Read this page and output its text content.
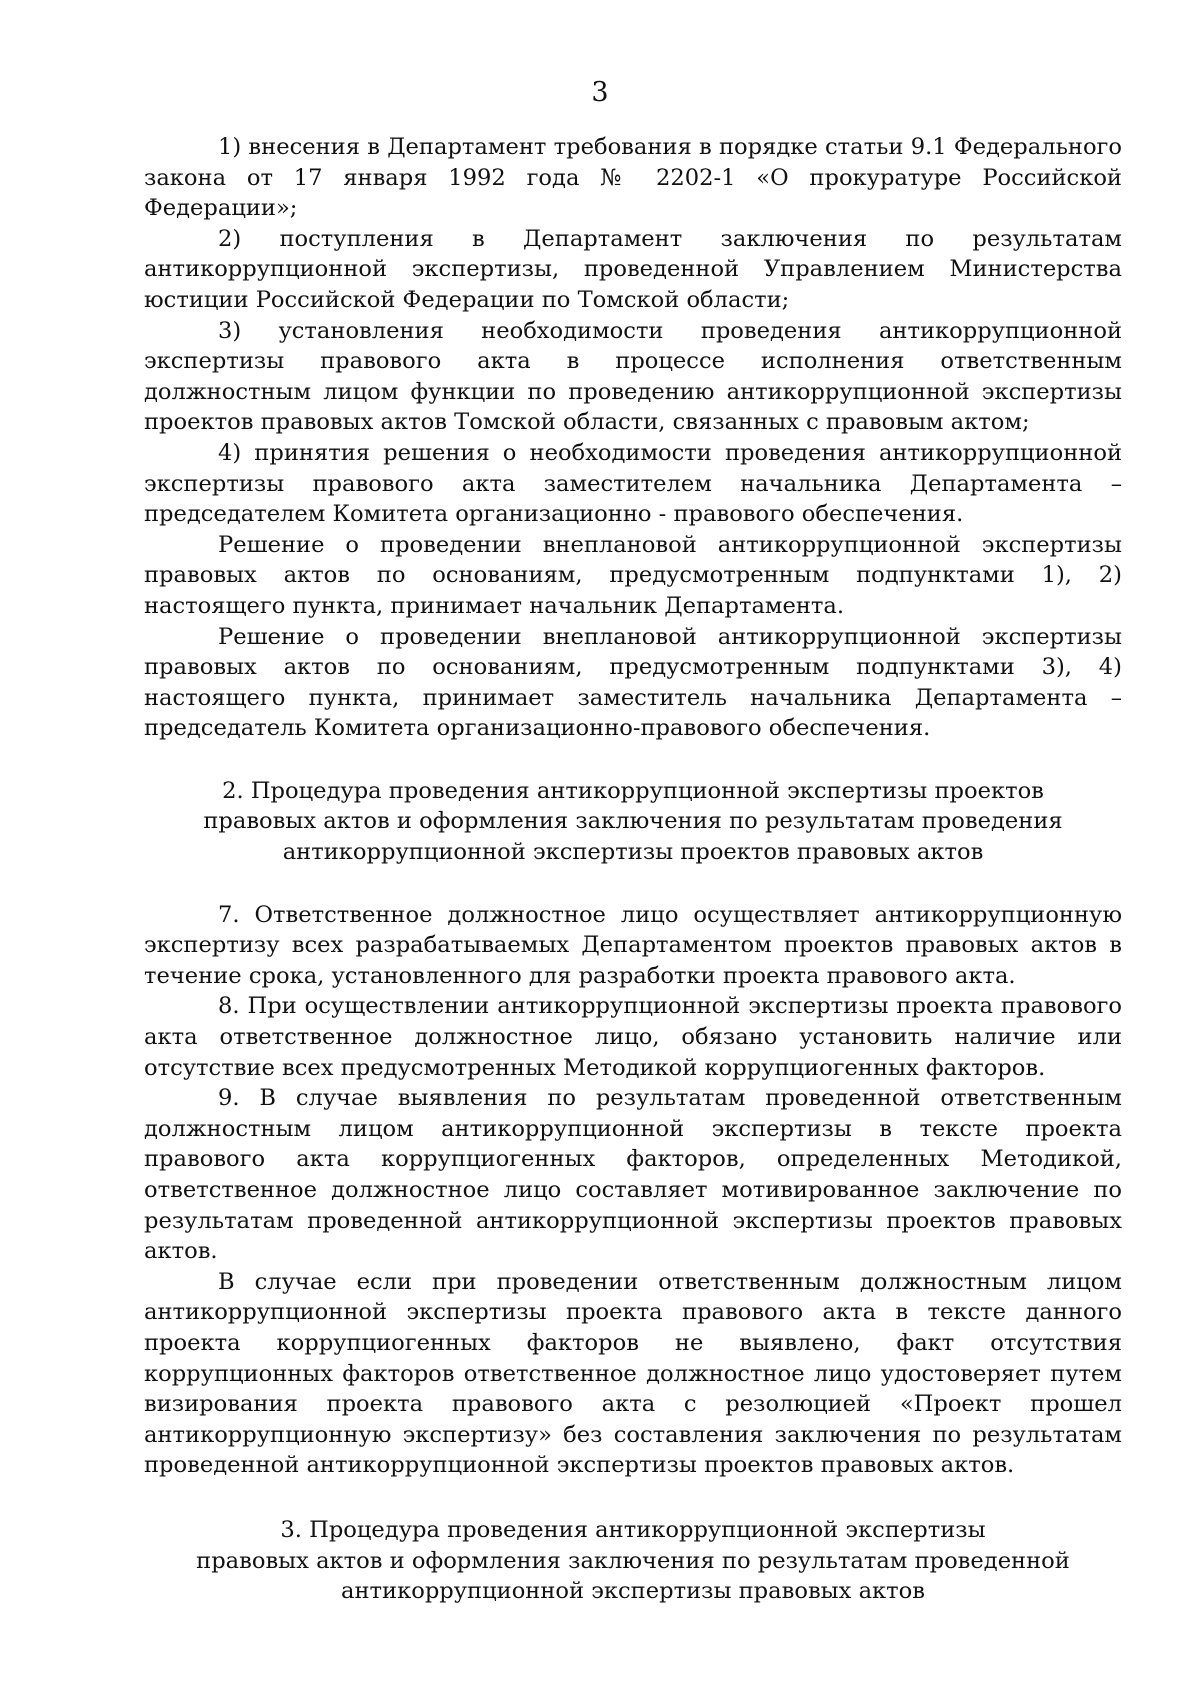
3

1) внесения в Департамент требования в порядке статьи 9.1 Федерального закона от 17 января 1992 года № 2202-1 «О прокуратуре Российской Федерации»;

2) поступления в Департамент заключения по результатам антикоррупционной экспертизы, проведенной Управлением Министерства юстиции Российской Федерации по Томской области;

3) установления необходимости проведения антикоррупционной экспертизы правового акта в процессе исполнения ответственным должностным лицом функции по проведению антикоррупционной экспертизы проектов правовых актов Томской области, связанных с правовым актом;

4) принятия решения о необходимости проведения антикоррупционной экспертизы правового акта заместителем начальника Департамента – председателем Комитета организационно - правового обеспечения.

Решение о проведении внеплановой антикоррупционной экспертизы правовых актов по основаниям, предусмотренным подпунктами 1), 2) настоящего пункта, принимает начальник Департамента.

Решение о проведении внеплановой антикоррупционной экспертизы правовых актов по основаниям, предусмотренным подпунктами 3), 4) настоящего пункта, принимает заместитель начальника Департамента – председатель Комитета организационно-правового обеспечения.

2. Процедура проведения антикоррупционной экспертизы проектов
правовых актов и оформления заключения по результатам проведения
антикоррупционной экспертизы проектов правовых актов

7. Ответственное должностное лицо осуществляет антикоррупционную экспертизу всех разрабатываемых Департаментом проектов правовых актов в течение срока, установленного для разработки проекта правового акта.

8. При осуществлении антикоррупционной экспертизы проекта правового акта ответственное должностное лицо, обязано установить наличие или отсутствие всех предусмотренных Методикой коррупциогенных факторов.

9. В случае выявления по результатам проведенной ответственным должностным лицом антикоррупционной экспертизы в тексте проекта правового акта коррупциогенных факторов, определенных Методикой, ответственное должностное лицо составляет мотивированное заключение по результатам проведенной антикоррупционной экспертизы проектов правовых актов.

В случае если при проведении ответственным должностным лицом антикоррупционной экспертизы проекта правового акта в тексте данного проекта коррупциогенных факторов не выявлено, факт отсутствия коррупционных факторов ответственное должностное лицо удостоверяет путем визирования проекта правового акта с резолюцией «Проект прошел антикоррупционную экспертизу» без составления заключения по результатам проведенной антикоррупционной экспертизы проектов правовых актов.

3. Процедура проведения антикоррупционной экспертизы
правовых актов и оформления заключения по результатам проведенной
антикоррупционной экспертизы правовых актов
